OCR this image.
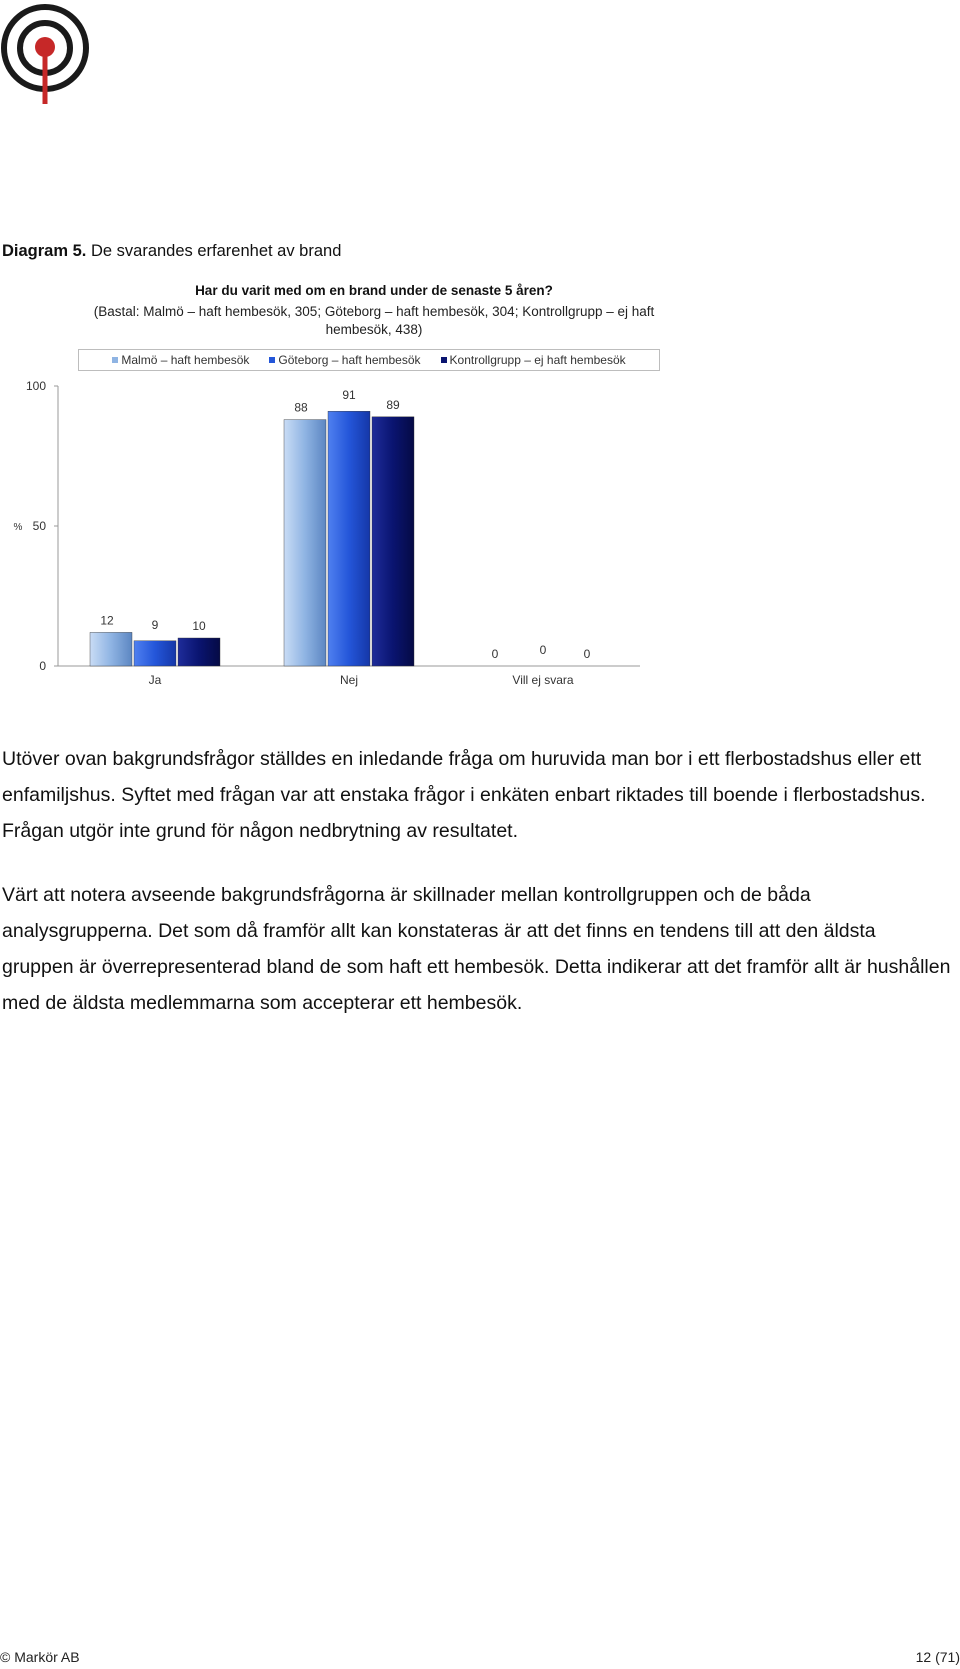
Diagram 5. De svarandes erfarenhet av brand
Har du varit med om en brand under de senaste 5 åren?
(Bastal: Malmö – haft hembesök, 305; Göteborg – haft hembesök, 304; Kontrollgrupp – ej haft hembesök, 438)
Malmö – haft hembesök Göteborg – haft hembesök Kontrollgrupp – ej haft hembesök
0
50
100
%
12	9	10
Ja
88
91
89
Nej
0	0	0
Vill ej svara

Utöver ovan bakgrundsfrågor ställdes en inledande fråga om huruvida man bor i ett flerbostadshus eller ett enfamiljshus. Syftet med frågan var att enstaka frågor i enkäten enbart riktades till boende i flerbostadshus. Frågan utgör inte grund för någon nedbrytning av resultatet.

Värt att notera avseende bakgrundsfrågorna är skillnader mellan kontrollgruppen och de båda analysgrupperna. Det som då framför allt kan konstateras är att det finns en tendens till att den äldsta gruppen är överrepresenterad bland de som haft ett hembesök. Detta indikerar att det framför allt är hushållen med de äldsta medlemmarna som accepterar ett hembesök.

© Markör AB	12 (71)
